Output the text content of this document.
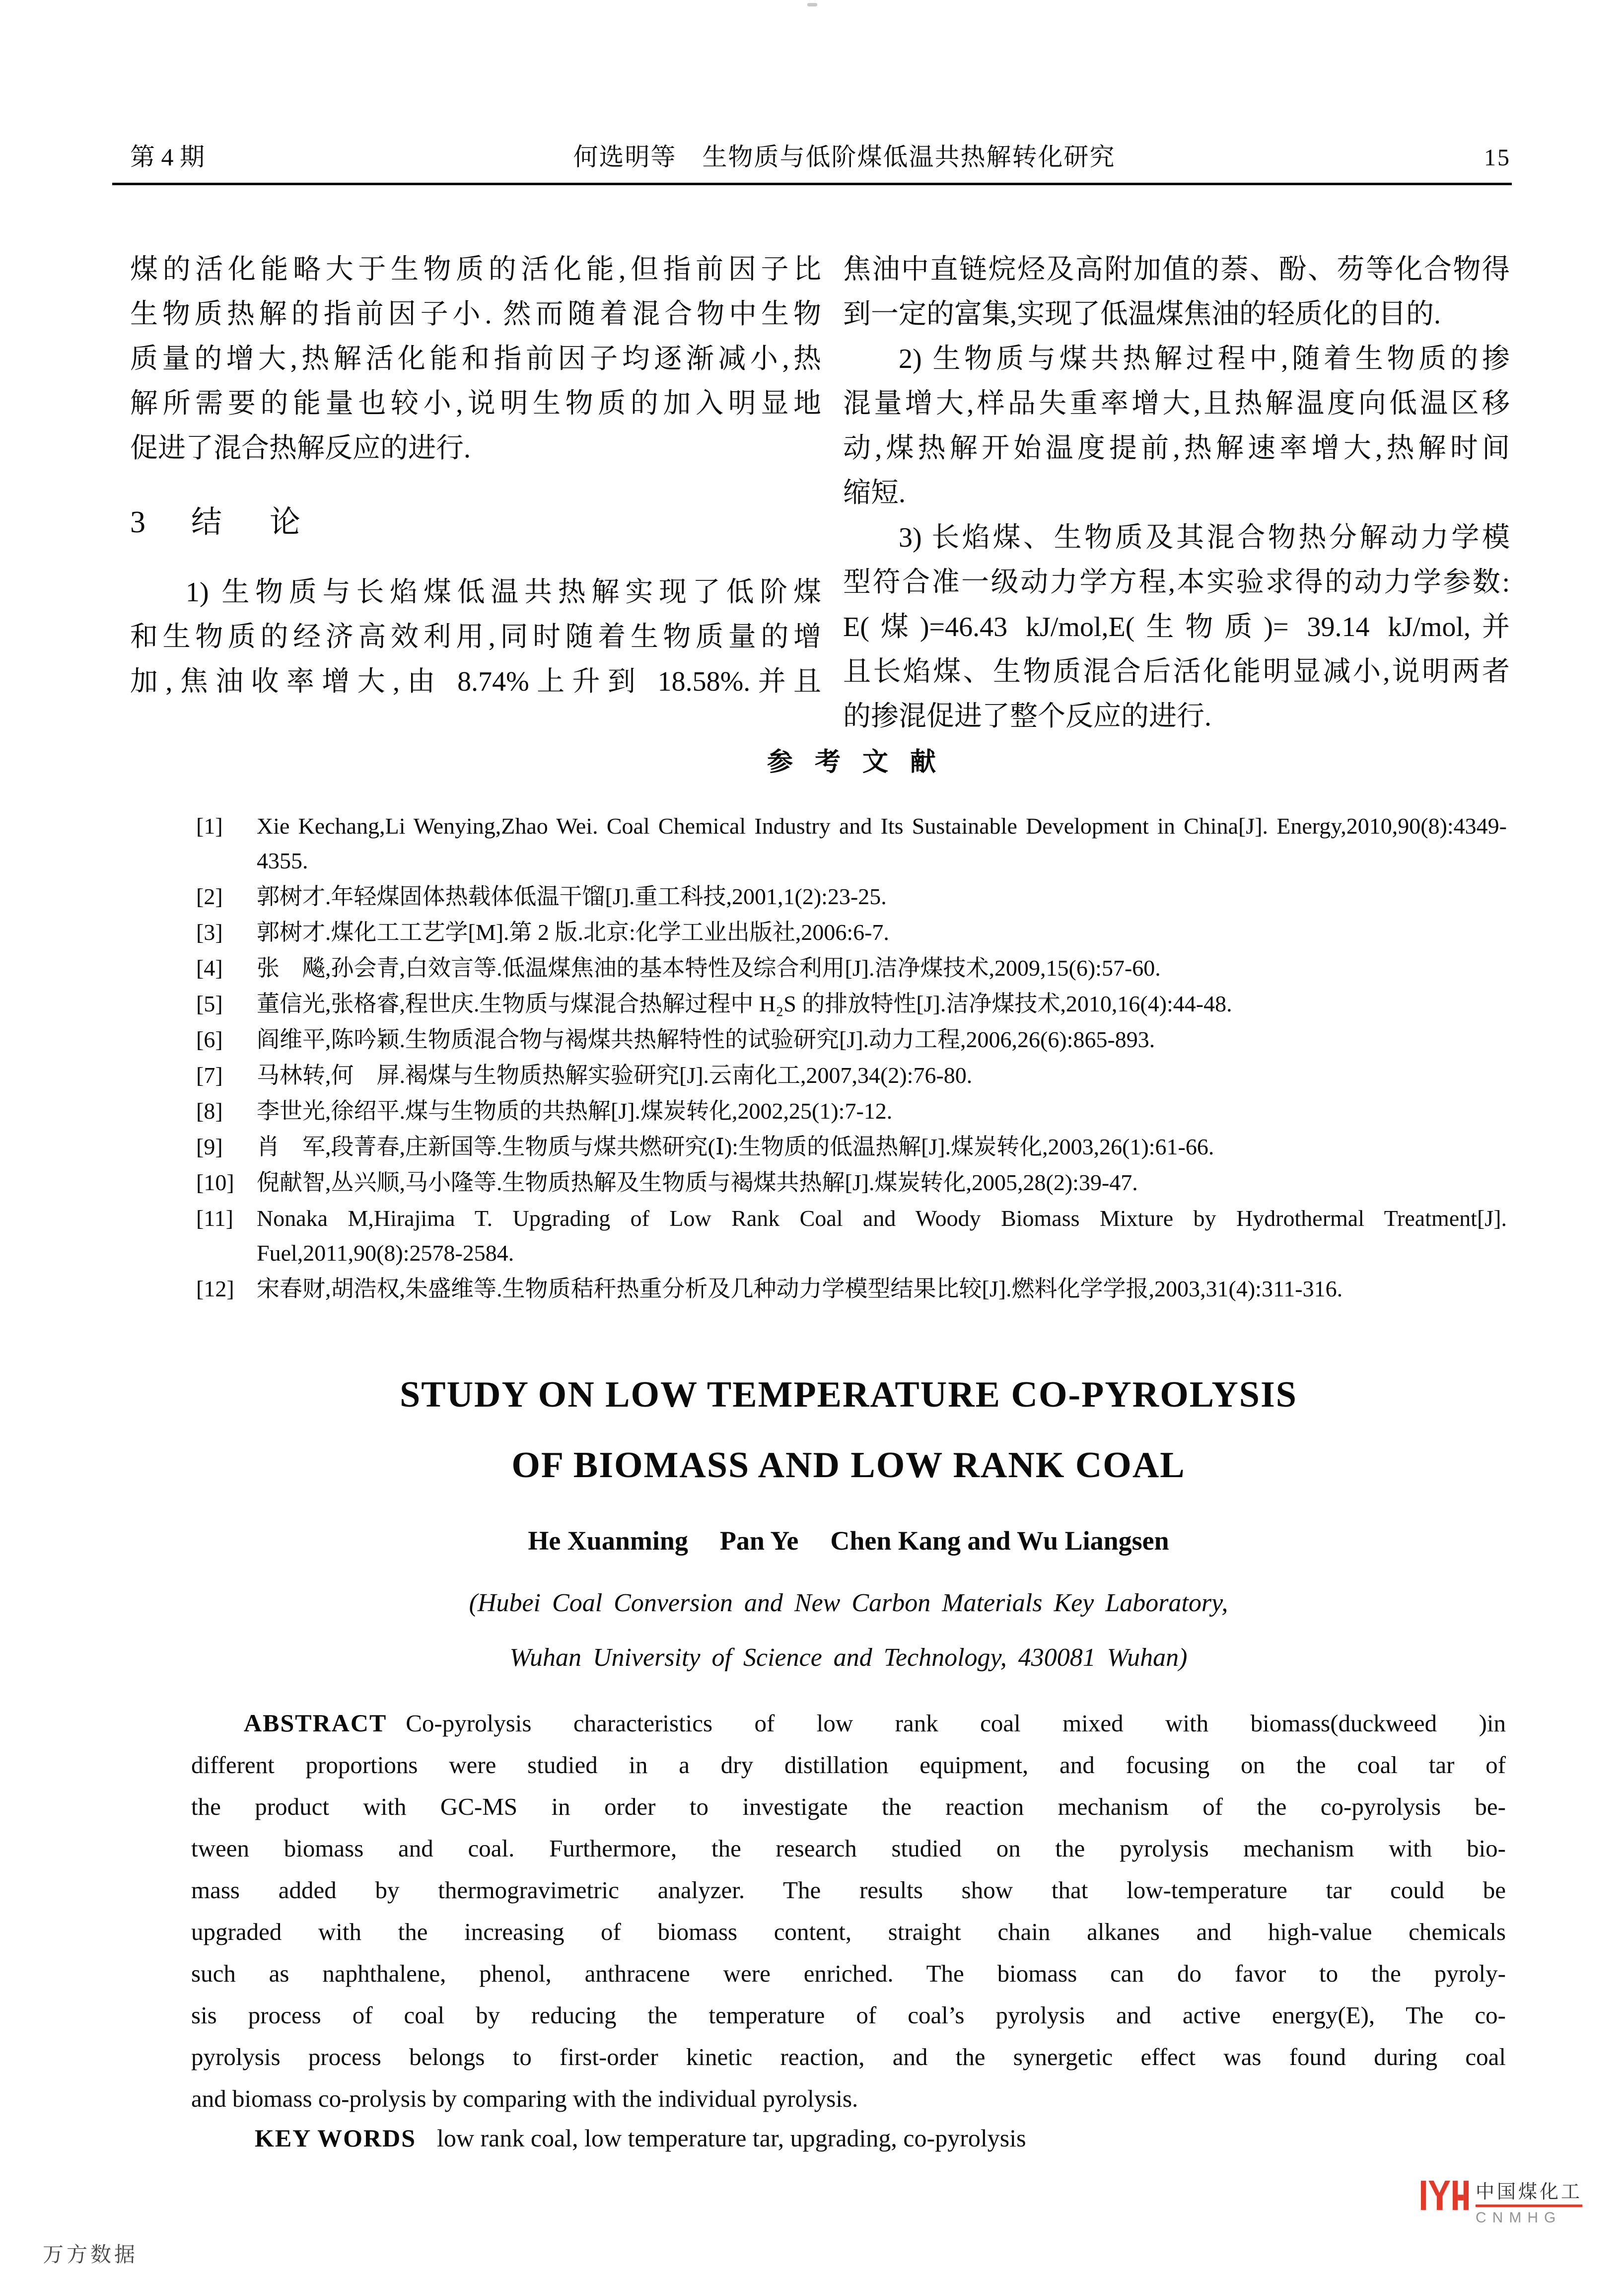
第 4 期	何选明等　生物质与低阶煤低温共热解转化研究	15
煤的活化能略大于生物质的活化能,但指前因子比
生物质热解的指前因子小. 然而随着混合物中生物
质量的增大,热解活化能和指前因子均逐渐减小,热
解所需要的能量也较小,说明生物质的加入明显地
促进了混合热解反应的进行.
3 结论
1) 生物质与长焰煤低温共热解实现了低阶煤
和生物质的经济高效利用,同时随着生物质量的增
加,焦油收率增大,由 8.74%上升到 18.58%.并且
焦油中直链烷烃及高附加值的萘、酚、芴等化合物得
到一定的富集,实现了低温煤焦油的轻质化的目的.
2) 生物质与煤共热解过程中,随着生物质的掺
混量增大,样品失重率增大,且热解温度向低温区移
动,煤热解开始温度提前,热解速率增大,热解时间
缩短.
3) 长焰煤、生物质及其混合物热分解动力学模
型符合准一级动力学方程,本实验求得的动力学参数:
E(煤)=46.43 kJ/mol,E(生物质)= 39.14 kJ/mol,并
且长焰煤、生物质混合后活化能明显减小,说明两者
的掺混促进了整个反应的进行.
参考文献
[1] Xie Kechang,Li Wenying,Zhao Wei. Coal Chemical Industry and Its Sustainable Development in China[J]. Energy,2010,90(8):4349-4355.
[2] 郭树才.年轻煤固体热载体低温干馏[J].重工科技,2001,1(2):23-25.
[3] 郭树才.煤化工工艺学[M].第 2 版.北京:化学工业出版社,2006:6-7.
[4] 张　飚,孙会青,白效言等.低温煤焦油的基本特性及综合利用[J].洁净煤技术,2009,15(6):57-60.
[5] 董信光,张格睿,程世庆.生物质与煤混合热解过程中 H₂S 的排放特性[J].洁净煤技术,2010,16(4):44-48.
[6] 阎维平,陈吟颖.生物质混合物与褐煤共热解特性的试验研究[J].动力工程,2006,26(6):865-893.
[7] 马林转,何　屏.褐煤与生物质热解实验研究[J].云南化工,2007,34(2):76-80.
[8] 李世光,徐绍平.煤与生物质的共热解[J].煤炭转化,2002,25(1):7-12.
[9] 肖　军,段菁春,庄新国等.生物质与煤共燃研究(Ⅰ):生物质的低温热解[J].煤炭转化,2003,26(1):61-66.
[10] 倪献智,丛兴顺,马小隆等.生物质热解及生物质与褐煤共热解[J].煤炭转化,2005,28(2):39-47.
[11] Nonaka M,Hirajima T. Upgrading of Low Rank Coal and Woody Biomass Mixture by Hydrothermal Treatment[J]. Fuel,2011,90(8):2578-2584.
[12] 宋春财,胡浩权,朱盛维等.生物质秸秆热重分析及几种动力学模型结果比较[J].燃料化学学报,2003,31(4):311-316.
STUDY ON LOW TEMPERATURE CO-PYROLYSIS
OF BIOMASS AND LOW RANK COAL
He Xuanming Pan Ye Chen Kang and Wu Liangsen
(Hubei Coal Conversion and New Carbon Materials Key Laboratory,
Wuhan University of Science and Technology, 430081 Wuhan)
ABSTRACT Co-pyrolysis characteristics of low rank coal mixed with biomass(duckweed )in
different proportions were studied in a dry distillation equipment, and focusing on the coal tar of
the product with GC-MS in order to investigate the reaction mechanism of the co-pyrolysis be-
tween biomass and coal. Furthermore, the research studied on the pyrolysis mechanism with bio-
mass added by thermogravimetric analyzer. The results show that low-temperature tar could be
upgraded with the increasing of biomass content, straight chain alkanes and high-value chemicals
such as naphthalene, phenol, anthracene were enriched. The biomass can do favor to the pyroly-
sis process of coal by reducing the temperature of coal’s pyrolysis and active energy(E), The co-
pyrolysis process belongs to first-order kinetic reaction, and the synergetic effect was found during coal
and biomass co-prolysis by comparing with the individual pyrolysis.
KEY WORDS low rank coal, low temperature tar, upgrading, co-pyrolysis
中国煤化工
CNMHG
万方数据
